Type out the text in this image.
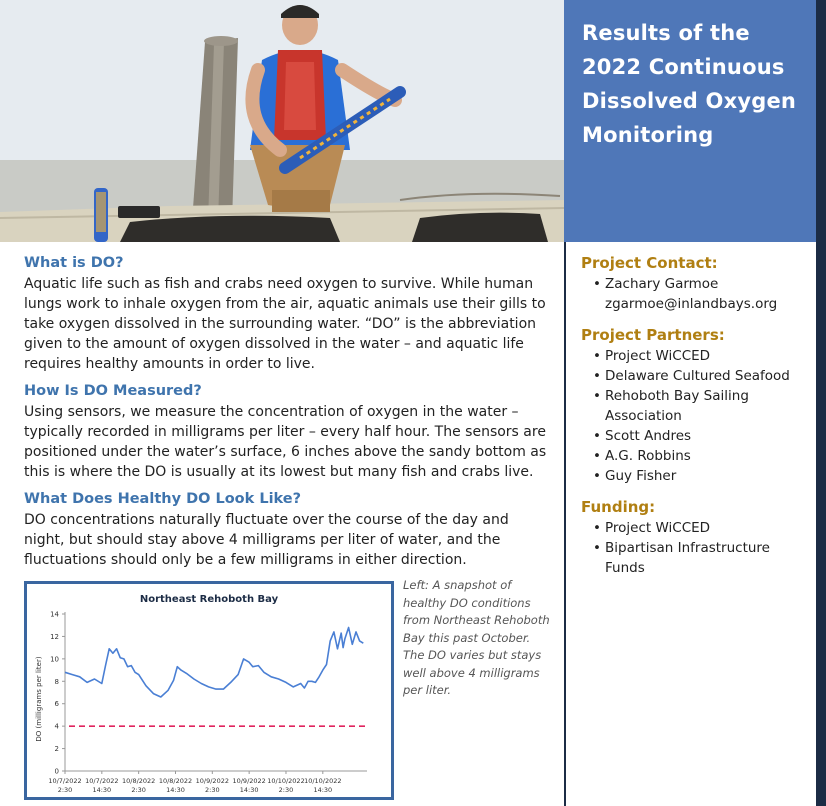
Results of the 2022 Continuous Dissolved Oxygen Monitoring
What is DO?

Aquatic life such as fish and crabs need oxygen to survive. While human lungs work to inhale oxygen from the air, aquatic animals use their gills to take oxygen dissolved in the surrounding water. “DO” is the abbreviation given to the amount of oxygen dissolved in the water – and aquatic life requires healthy amounts in order to live.

How Is DO Measured?

Using sensors, we measure the concentration of oxygen in the water – typically recorded in milligrams per liter – every half hour. The sensors are positioned under the water’s surface, 6 inches above the sandy bottom as this is where the DO is usually at its lowest but many fish and crabs live.

What Does Healthy DO Look Like?

DO concentrations naturally fluctuate over the course of the day and night, but should stay above 4 milligrams per liter of water, and the fluctuations should only be a few milligrams in either direction.

Project Contact:
• Zachary Garmoe
zgarmoe@inlandbays.org
Project Partners:
• Project WiCCED
• Delaware Cultured Seafood
• Rehoboth Bay Sailing Association
• Scott Andres
• A.G. Robbins
• Guy Fisher
Funding:
• Project WiCCED
• Bipartisan Infrastructure Funds
Northeast Rehoboth Bay
DO (milligrams per liter)
0
2
4
6
8
10
12
14
10/7/2022 2:30
10/7/2022 14:30
10/8/2022 2:30
10/8/2022 14:30
10/9/2022 2:30
10/9/2022 14:30
10/10/2022 2:30
10/10/2022 14:30
Left: A snapshot of healthy DO conditions from Northeast Rehoboth Bay this past October. The DO varies but stays well above 4 milligrams per liter.
